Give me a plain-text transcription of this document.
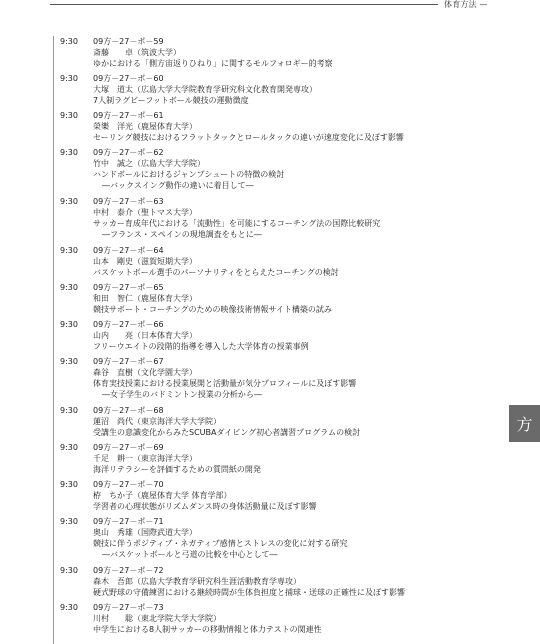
体育方法 —
9:30	09方－27－ポ－59
斎藤　　卓（筑波大学）
ゆかにおける「側方宙返りひねり」に関するモルフォロギー的考察
9:30	09方－27－ポ－60
大塚　道太（広島大学大学院教育学研究科文化教育開発専攻）
7人制ラグビーフットボール競技の運動徴度
9:30	09方－27－ポ－61
榮樂　洋光（鹿屋体育大学）
セーリング競技におけるフラットタックとロールタックの違いが速度変化に及ぼす影響
9:30	09方－27－ポ－62
竹中　誠之（広島大学大学院）
ハンドボールにおけるジャンプシュートの特徴の検討
―バックスイング動作の違いに着目して―
9:30	09方－27－ポ－63
中村　泰介（聖トマス大学）
サッカー育成年代における「流動性」を可能にするコーチング法の国際比較研究
―フランス・スペインの現地調査をもとに―
9:30	09方－27－ポ－64
山本　剛史（滋賀短期大学）
バスケットボール選手のパーソナリティをとらえたコーチングの検討
9:30	09方－27－ポ－65
和田　智仁（鹿屋体育大学）
競技サポート・コーチングのための映像技術情報サイト構築の試み
9:30	09方－27－ポ－66
山内　　亮（日本体育大学）
フリーウエイトの段階的指導を導入した大学体育の授業事例
9:30	09方－27－ポ－67
森谷　直樹（文化学園大学）
体育実技授業における授業展開と活動量が気分プロフィールに及ぼす影響
―女子学生のバドミントン授業の分析から―
9:30	09方－27－ポ－68
蓮沼　尚代（東京海洋大学大学院）
受講生の意識変化からみたSCUBAダイビング初心者講習プログラムの検討
9:30	09方－27－ポ－69
千足　耕一（東京海洋大学）
海洋リテラシーを評価するための質問紙の開発
9:30	09方－27－ポ－70
栫　ちか子（鹿屋体育大学 体育学部）
学習者の心理状態がリズムダンス時の身体活動量に及ぼす影響
9:30	09方－27－ポ－71
奥山　秀雄（国際武道大学）
競技に伴うポジティブ・ネガティブ感情とストレスの変化に対する研究
―バスケットボールと弓道の比較を中心として―
9:30	09方－27－ポ－72
森木　吾郎（広島大学教育学研究科生涯活動教育学専攻）
硬式野球の守備練習における継続時間が生体負担度と捕球・送球の正確性に及ぼす影響
9:30	09方－27－ポ－73
川村　　聡（東北学院大学大学院）
中学生における8人制サッカーの移動情報と体力テストの関連性
方
